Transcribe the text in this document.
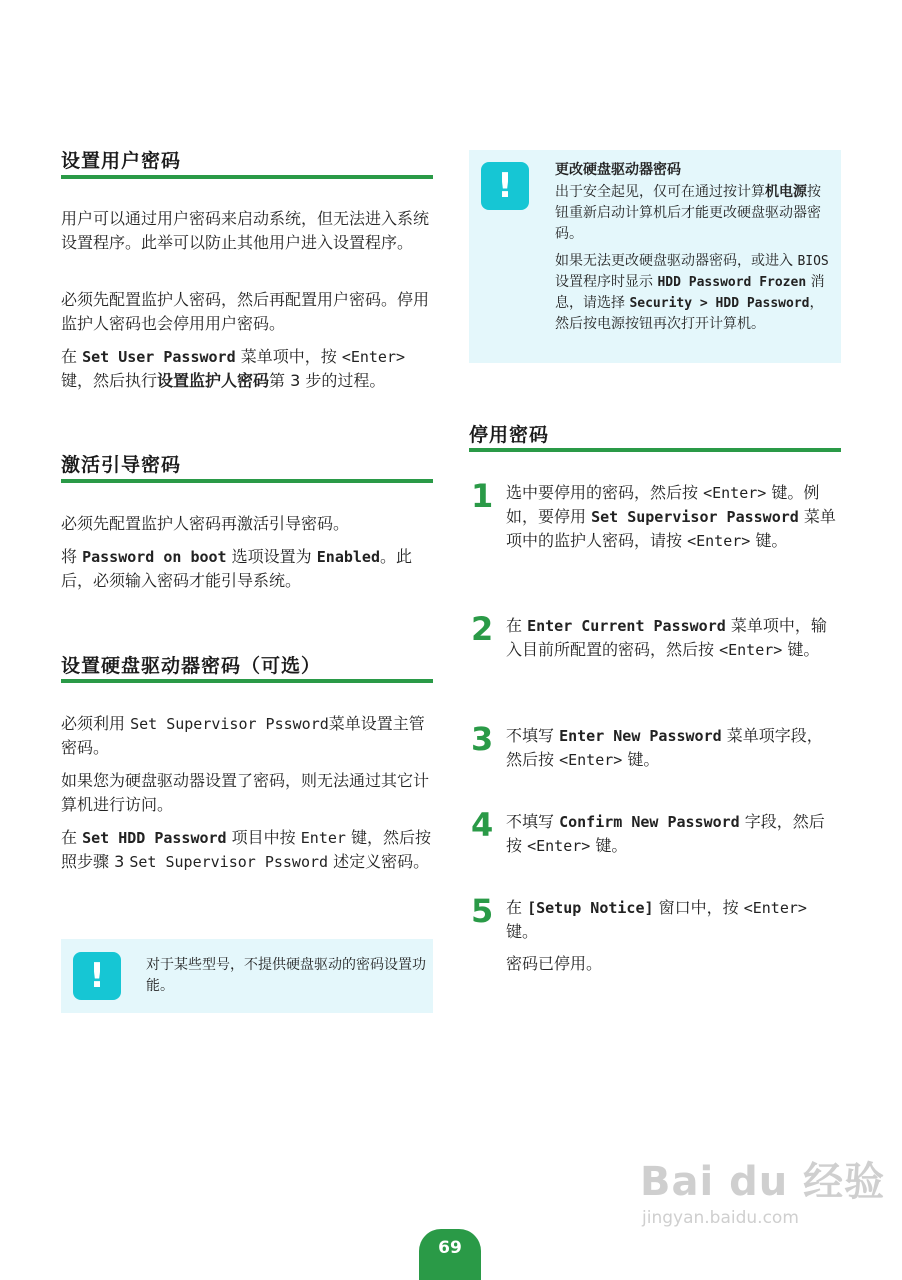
设置用户密码
用户可以通过用户密码来启动系统，但无法进入系统设置程序。此举可以防止其他用户进入设置程序。
必须先配置监护人密码，然后再配置用户密码。停用监护人密码也会停用用户密码。
在 Set User Password 菜单项中，按 <Enter> 键，然后执行设置监护人密码第 3 步的过程。
激活引导密码
必须先配置监护人密码再激活引导密码。
将 Password on boot 选项设置为 Enabled。此后，必须输入密码才能引导系统。
设置硬盘驱动器密码（可选）
必须利用 Set Supervisor Pssword菜单设置主管密码。
如果您为硬盘驱动器设置了密码，则无法通过其它计算机进行访问。
在 Set HDD Password 项目中按 Enter 键，然后按照步骤 3 Set Supervisor Pssword 述定义密码。
!	对于某些型号，不提供硬盘驱动的密码设置功能。
!	更改硬盘驱动器密码
出于安全起见，仅可在通过按计算机电源按钮重新启动计算机后才能更改硬盘驱动器密码。
如果无法更改硬盘驱动器密码，或进入 BIOS 设置程序时显示 HDD Password Frozen 消息，请选择 Security > HDD Password，然后按电源按钮再次打开计算机。
停用密码
1 选中要停用的密码，然后按 <Enter> 键。例如，要停用 Set Supervisor Password 菜单项中的监护人密码，请按 <Enter> 键。
2 在 Enter Current Password 菜单项中，输入目前所配置的密码，然后按 <Enter> 键。
3 不填写 Enter New Password 菜单项字段，然后按 <Enter> 键。
4 不填写 Confirm New Password 字段，然后按 <Enter> 键。
5 在 [Setup Notice] 窗口中，按 <Enter> 键。
密码已停用。
Bai du 经验
jingyan.baidu.com
69
